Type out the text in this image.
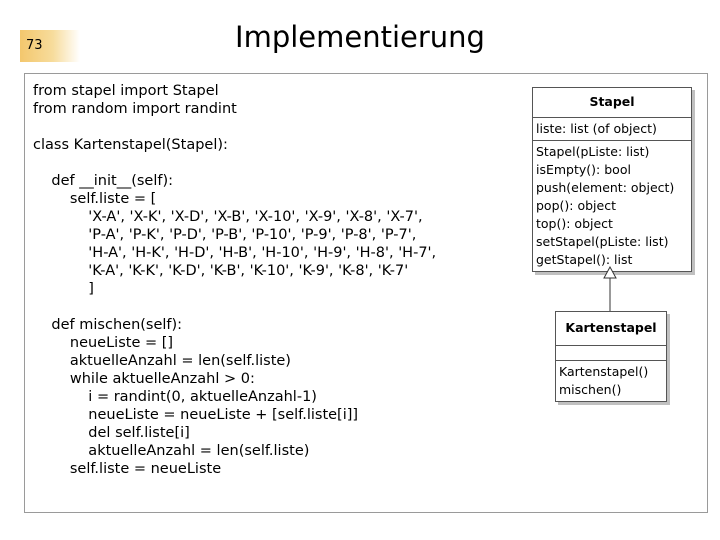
73	Implementierung
from stapel import Stapel
from random import randint

class Kartenstapel(Stapel):

def __init__(self):
self.liste = [
'X-A', 'X-K', 'X-D', 'X-B', 'X-10', 'X-9', 'X-8', 'X-7',
'P-A', 'P-K', 'P-D', 'P-B', 'P-10', 'P-9', 'P-8', 'P-7',
'H-A', 'H-K', 'H-D', 'H-B', 'H-10', 'H-9', 'H-8', 'H-7',
'K-A', 'K-K', 'K-D', 'K-B', 'K-10', 'K-9', 'K-8', 'K-7'
]

def mischen(self):
neueListe = []
aktuelleAnzahl = len(self.liste)
while aktuelleAnzahl > 0:
i = randint(0, aktuelleAnzahl-1)
neueListe = neueListe + [self.liste[i]]
del self.liste[i]
aktuelleAnzahl = len(self.liste)
self.liste = neueListe
Stapel
liste: list (of object)
Stapel(pListe: list)
isEmpty(): bool
push(element: object)
pop(): object
top(): object
setStapel(pListe: list)
getStapel(): list
Kartenstapel
Kartenstapel()
mischen()
